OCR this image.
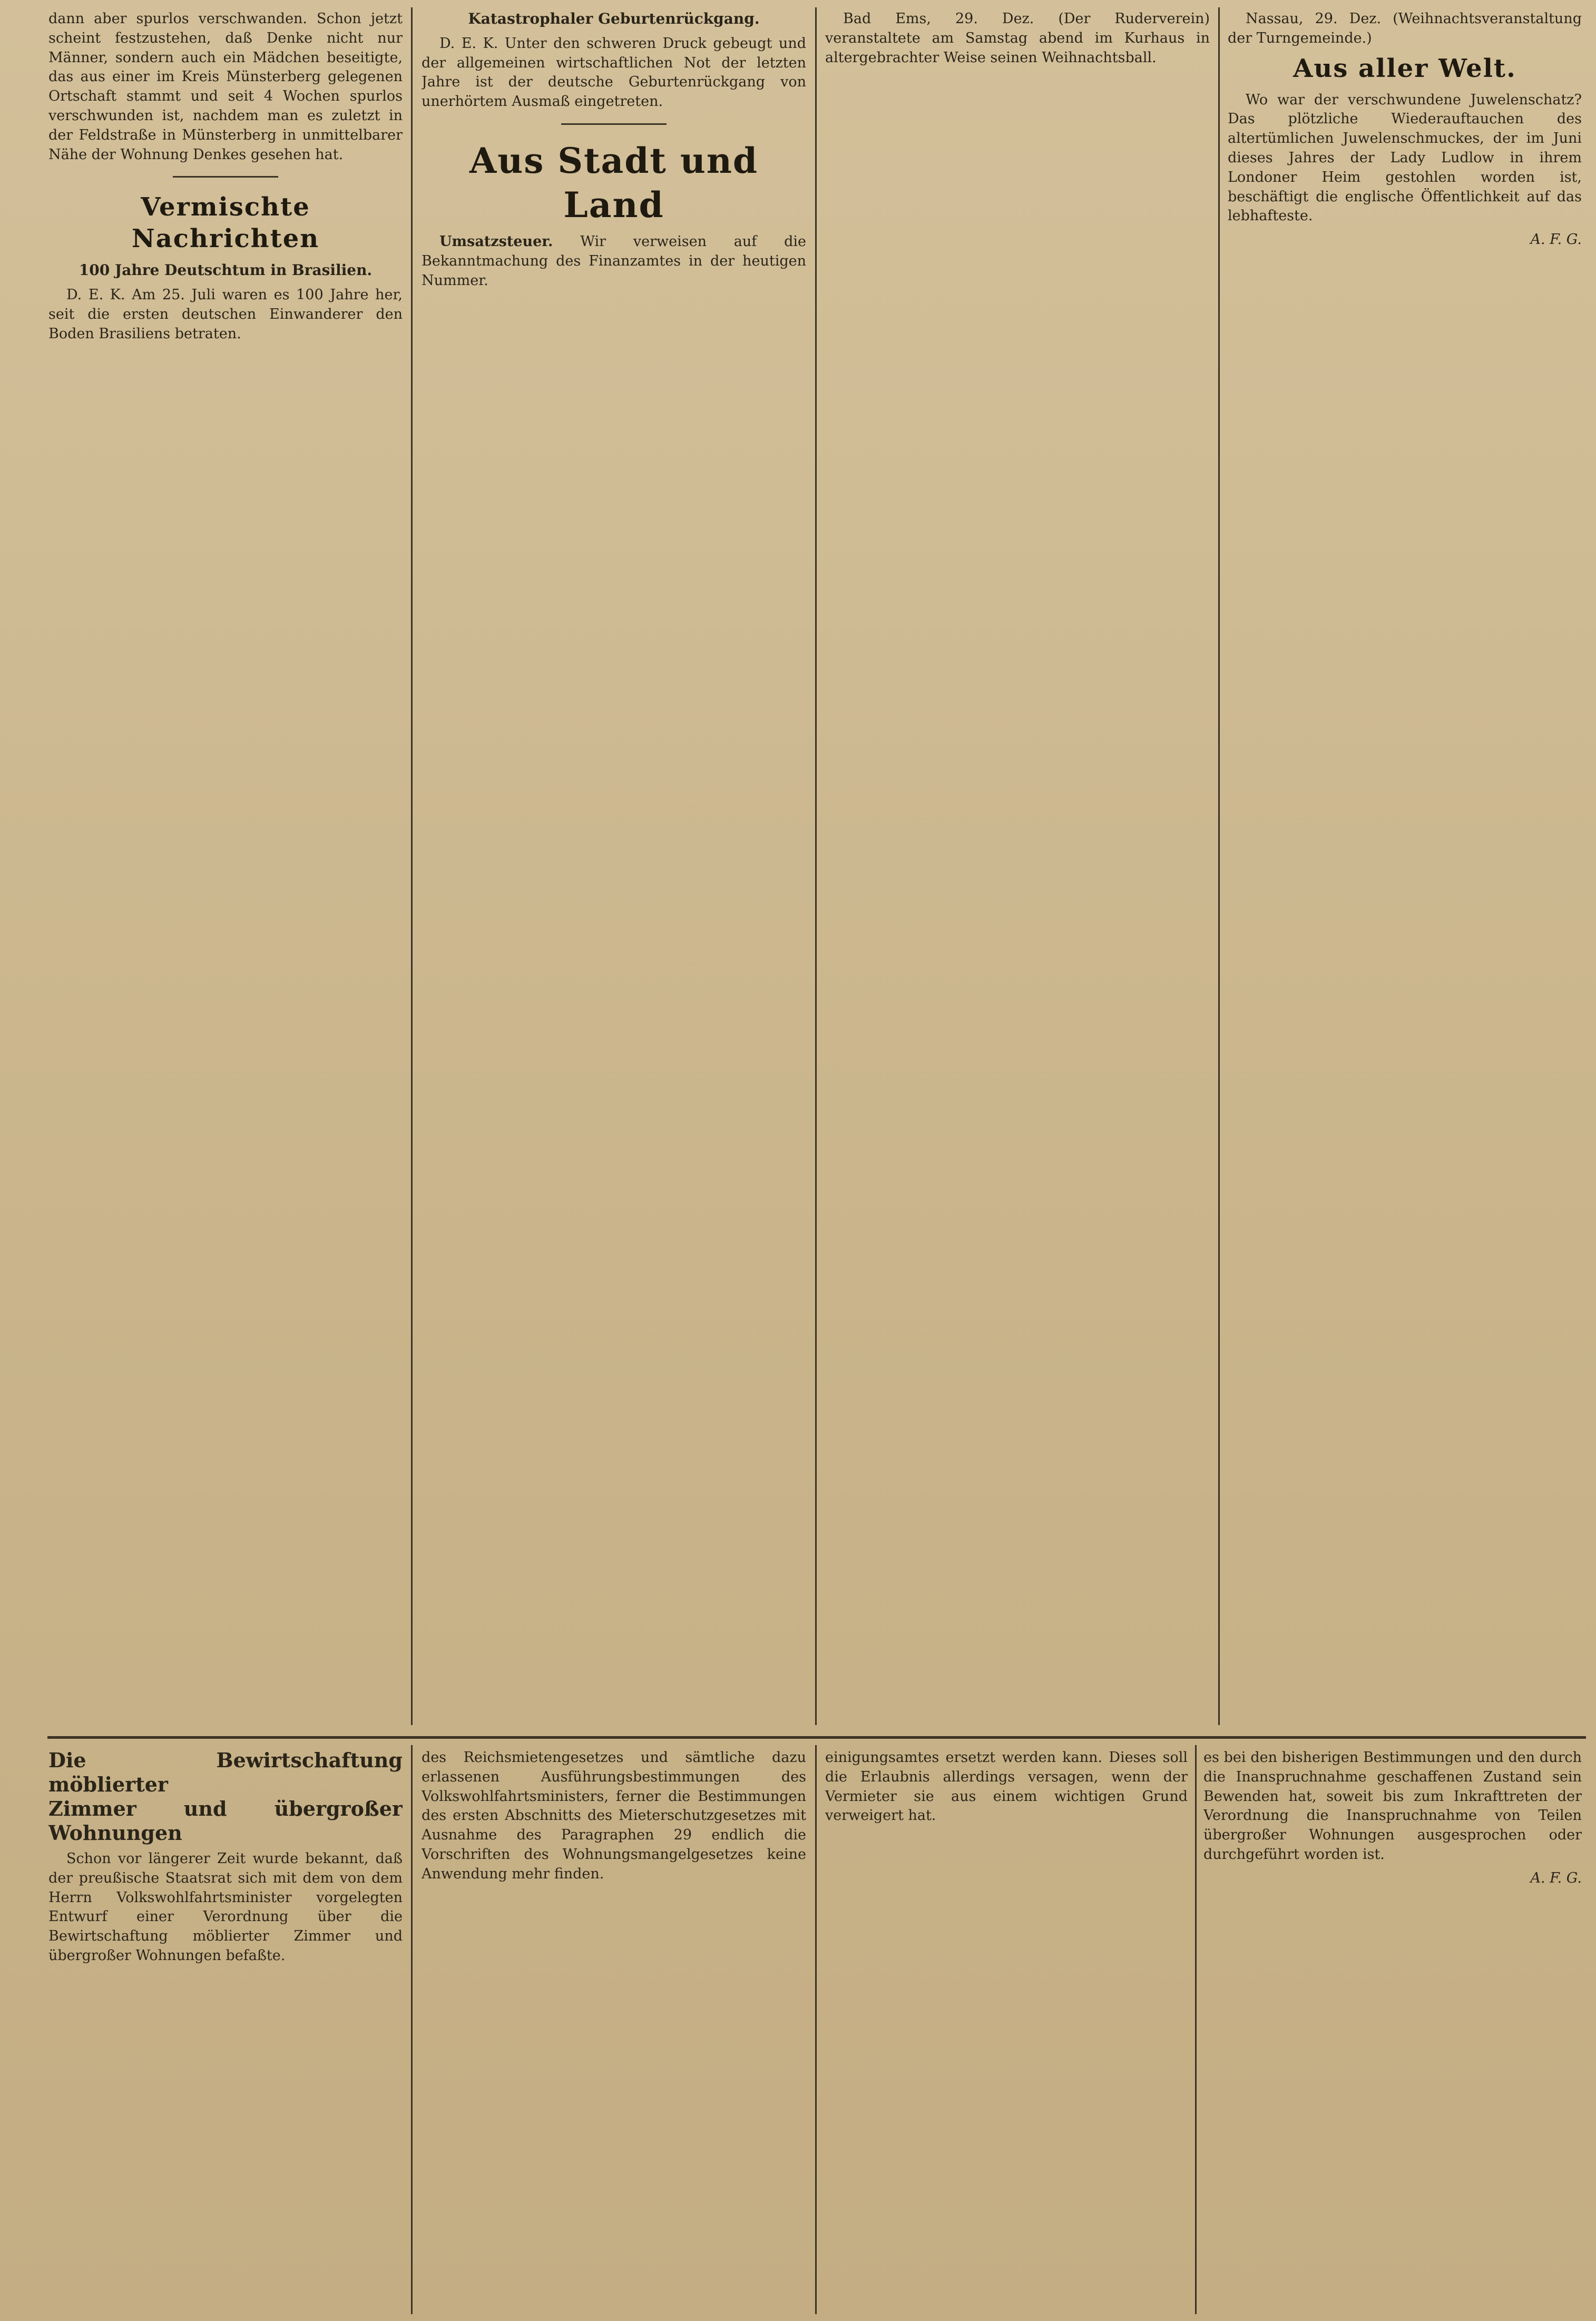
dann aber spurlos verschwanden. Schon jetzt scheint festzustehen, daß Denke nicht nur Männer, sondern auch ein Mädchen beseitigte, das aus einer im Kreis Münsterberg gelegenen Ortschaft stammt und seit 4 Wochen spurlos verschwunden ist, nachdem man es zuletzt in der Feldstraße in Münsterberg in unmittelbarer Nähe der Wohnung Denkes gesehen hat.

Vermischte Nachrichten
100 Jahre Deutschtum in Brasilien.

D. E. K. Am 25. Juli waren es 100 Jahre her, seit die ersten deutschen Einwanderer den Boden Brasiliens betraten.

Katastrophaler Geburtenrückgang.

D. E. K. Unter den schweren Druck gebeugt und der allgemeinen wirtschaftlichen Not der letzten Jahre ist der deutsche Geburtenrückgang von unerhörtem Ausmaß eingetreten.

Aus Stadt und Land

Umsatzsteuer. Wir verweisen auf die Bekanntmachung des Finanzamtes in der heutigen Nummer.

Bad Ems, 29. Dez. (Der Ruderverein) veranstaltete am Samstag abend im Kurhaus in altergebrachter Weise seinen Weihnachtsball.

Nassau, 29. Dez. (Weihnachtsveranstaltung der Turngemeinde.)

Aus aller Welt.

Wo war der verschwundene Juwelenschatz? Das plötzliche Wiederauftauchen des altertümlichen Juwelenschmuckes, der im Juni dieses Jahres der Lady Ludlow in ihrem Londoner Heim gestohlen worden ist, beschäftigt die englische Öffentlichkeit auf das lebhafteste.

A. F. G.
Die Bewirtschaftung möblierter
Zimmer und übergroßer Wohnungen

Schon vor längerer Zeit wurde bekannt, daß der preußische Staatsrat sich mit dem von dem Herrn Volkswohlfahrtsminister vorgelegten Entwurf einer Verordnung über die Bewirtschaftung möblierter Zimmer und übergroßer Wohnungen befaßte.

des Reichsmietengesetzes und sämtliche dazu erlassenen Ausführungsbestimmungen des Volkswohlfahrtsministers, ferner die Bestimmungen des ersten Abschnitts des Mieterschutzgesetzes mit Ausnahme des Paragraphen 29 endlich die Vorschriften des Wohnungsmangelgesetzes keine Anwendung mehr finden.

einigungsamtes ersetzt werden kann. Dieses soll die Erlaubnis allerdings versagen, wenn der Vermieter sie aus einem wichtigen Grund verweigert hat.

es bei den bisherigen Bestimmungen und den durch die Inanspruchnahme geschaffenen Zustand sein Bewenden hat, soweit bis zum Inkrafttreten der Verordnung die Inanspruchnahme von Teilen übergroßer Wohnungen ausgesprochen oder durchgeführt worden ist.

A. F. G.
